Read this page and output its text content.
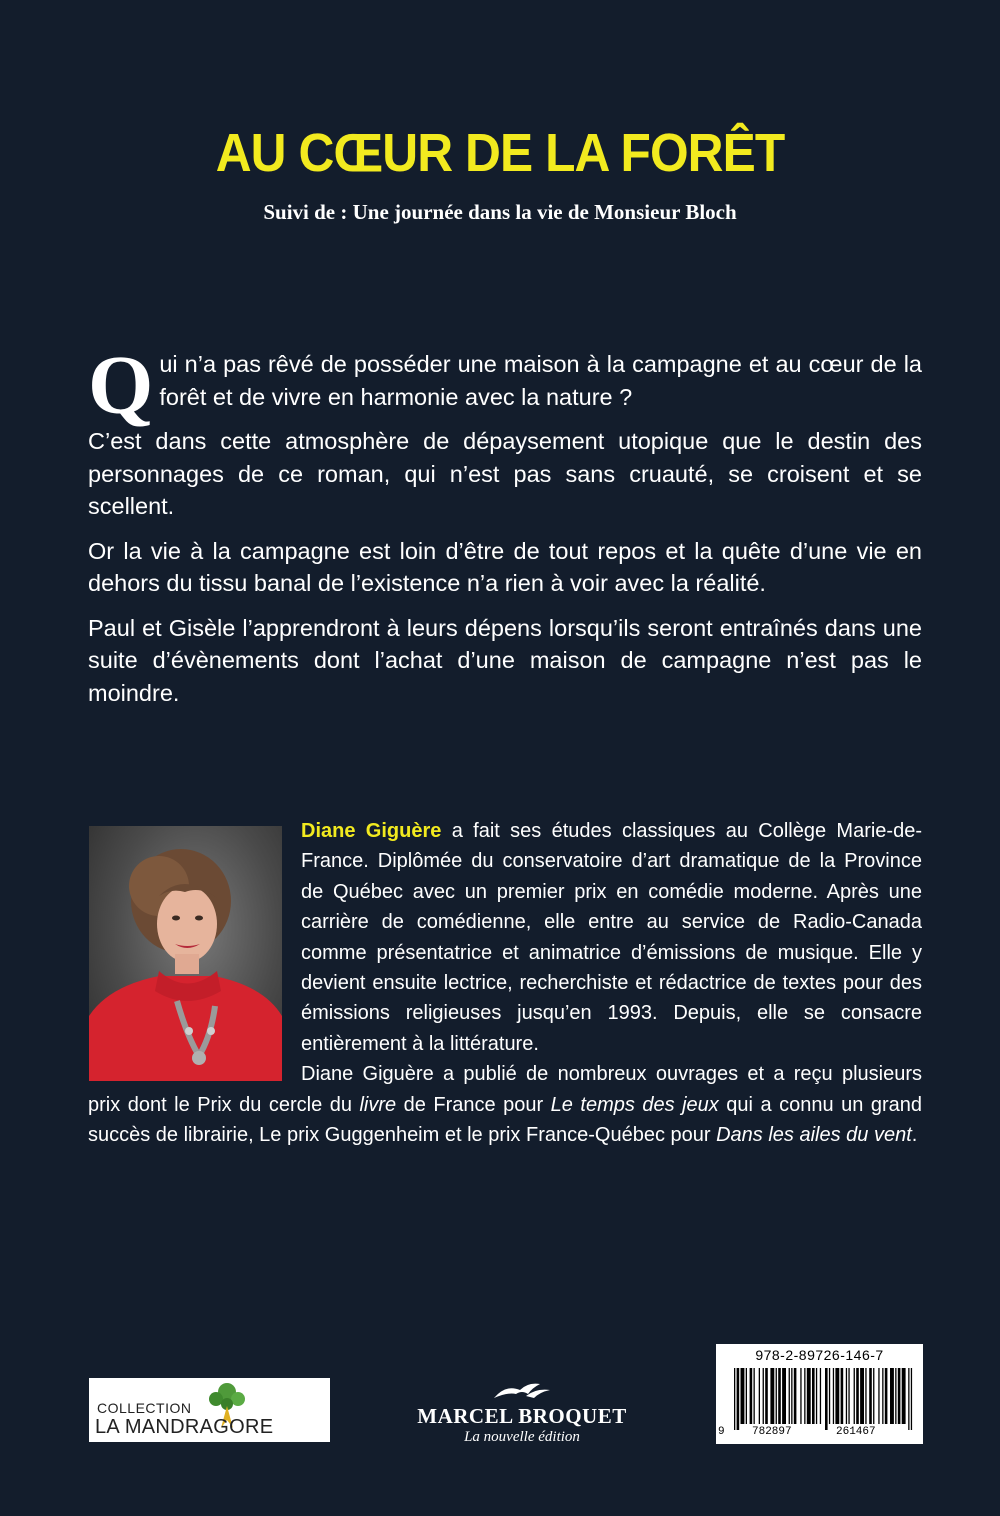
AU CŒUR DE LA FORÊT
Suivi de : Une journée dans la vie de Monsieur Bloch

Qui n’a pas rêvé de posséder une maison à la campagne et au cœur de la forêt et de vivre en harmonie avec la nature ?

C’est dans cette atmosphère de dépaysement utopique que le destin des personnages de ce roman, qui n’est pas sans cruauté, se croisent et se scellent.

Or la vie à la campagne est loin d’être de tout repos et la quête d’une vie en dehors du tissu banal de l’existence n’a rien à voir avec la réalité.

Paul et Gisèle l’apprendront à leurs dépens lorsqu’ils seront entraînés dans une suite d’évènements dont l’achat d’une maison de campagne n’est pas le moindre.

Diane Giguère a fait ses études classiques au Collège Marie-de-France. Diplômée du conservatoire d’art dramatique de la Province de Québec avec un premier prix en comédie moderne. Après une carrière de comédienne, elle entre au service de Radio-Canada comme présentatrice et animatrice d’émissions de musique. Elle y devient ensuite lectrice, recherchiste et rédactrice de textes pour des émissions religieuses jusqu’en 1993. Depuis, elle se consacre entièrement à la littérature.
Diane Giguère a publié de nombreux ouvrages et a reçu plusieurs prix dont le Prix du cercle du livre de France pour Le temps des jeux qui a connu un grand succès de librairie, Le prix Guggenheim et le prix France-Québec pour Dans les ailes du vent.
COLLECTION
LA MANDRAGORE	MARCEL BROQUET
La nouvelle édition
978-2-89726-146-7
9 782897	261467
